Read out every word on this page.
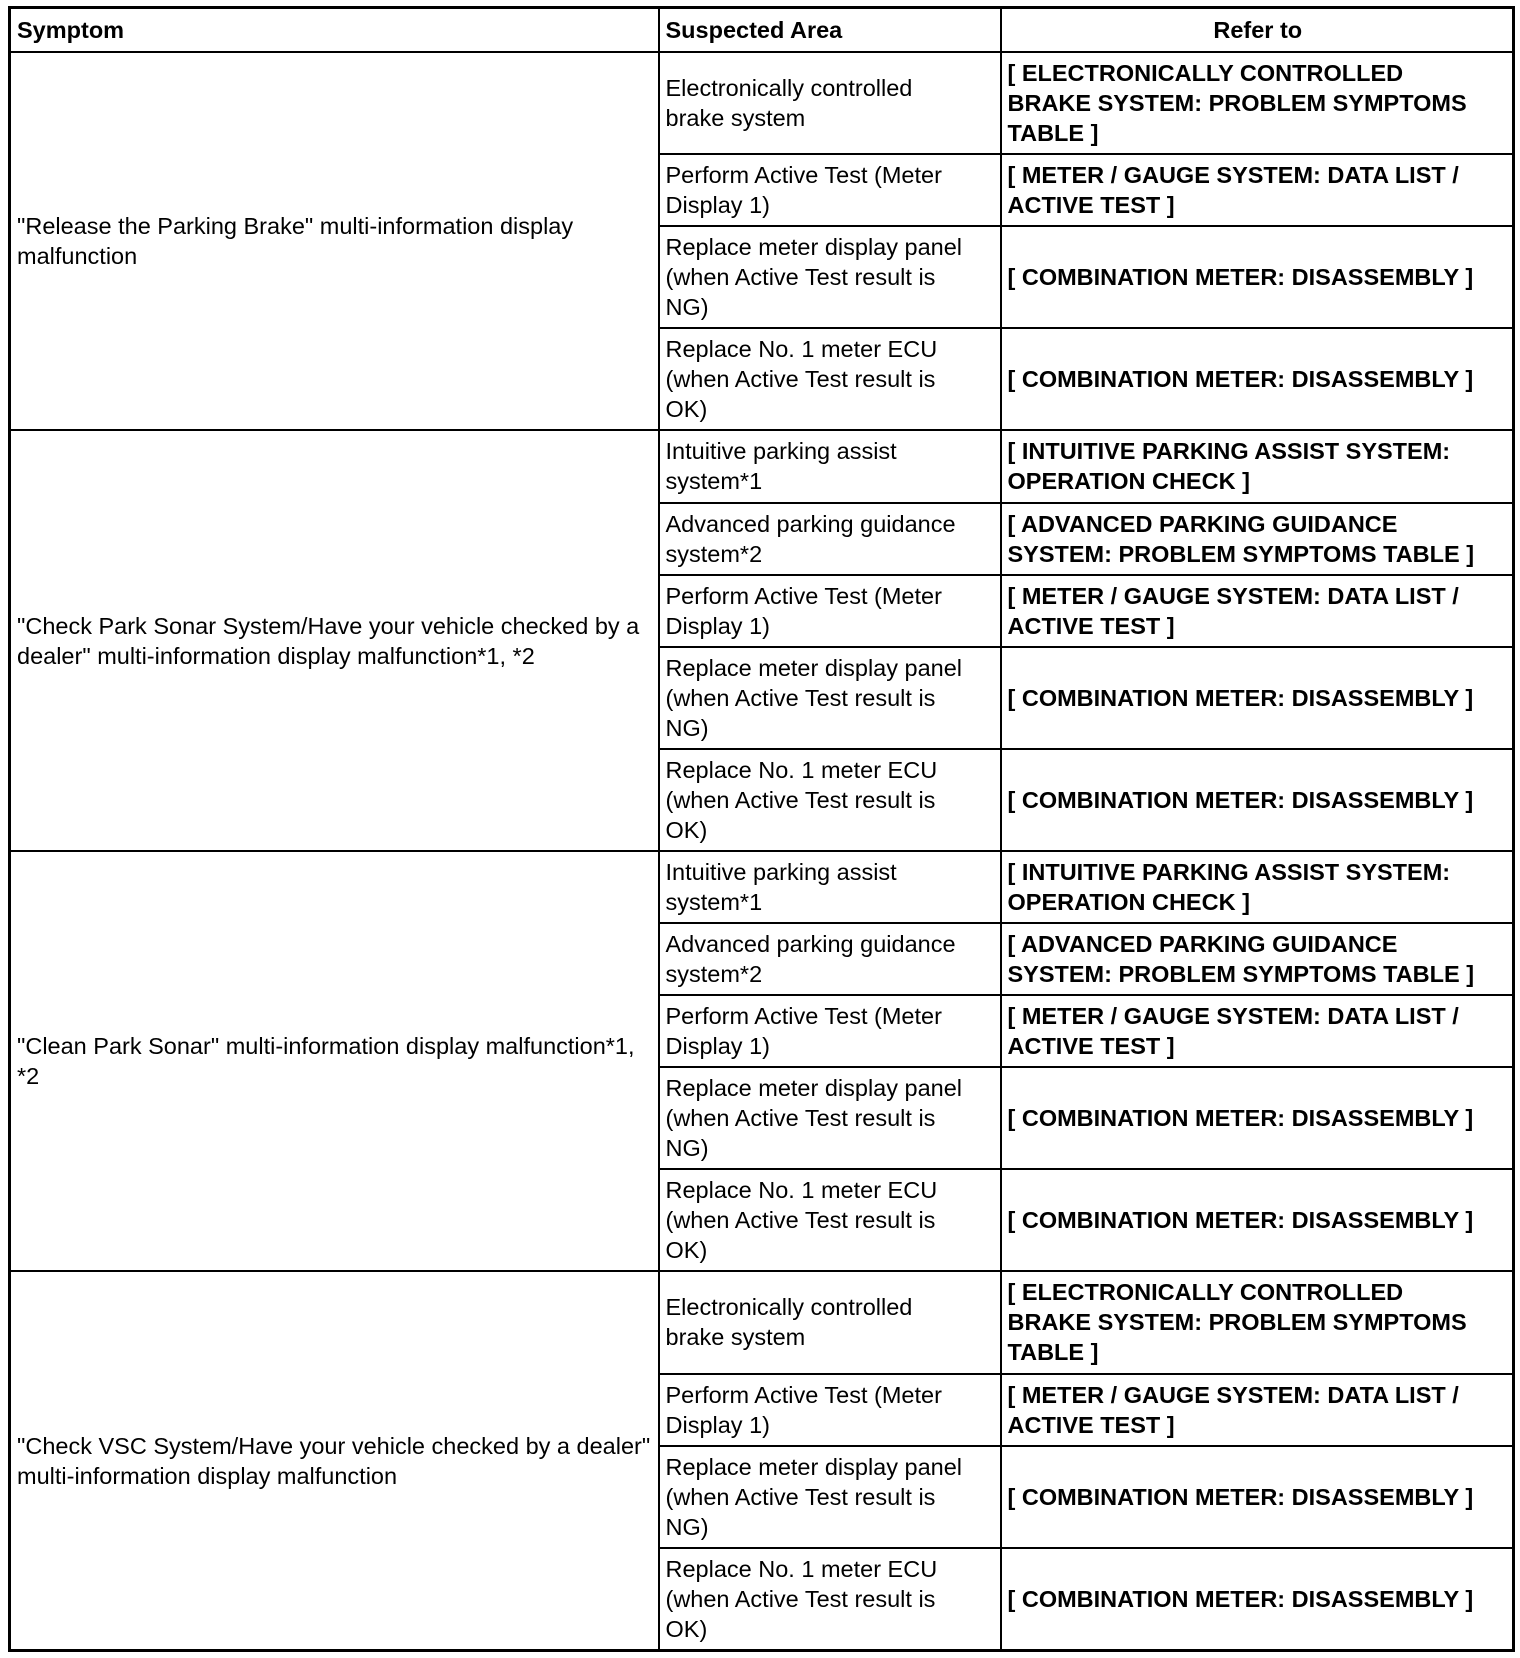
Symptom	Suspected Area	Refer to
"Release the Parking Brake" multi-information display malfunction	Electronically controlled
brake system	[ ELECTRONICALLY CONTROLLED
BRAKE SYSTEM: PROBLEM SYMPTOMS
TABLE ]
	Perform Active Test (Meter
Display 1)	[ METER / GAUGE SYSTEM: DATA LIST /
ACTIVE TEST ]
	Replace meter display panel
(when Active Test result is
NG)	[ COMBINATION METER: DISASSEMBLY ]
	Replace No. 1 meter ECU
(when Active Test result is
OK)	[ COMBINATION METER: DISASSEMBLY ]
"Check Park Sonar System/Have your vehicle checked by a dealer" multi-information display malfunction*1, *2	Intuitive parking assist
system*1	[ INTUITIVE PARKING ASSIST SYSTEM:
OPERATION CHECK ]
	Advanced parking guidance
system*2	[ ADVANCED PARKING GUIDANCE
SYSTEM: PROBLEM SYMPTOMS TABLE ]
	Perform Active Test (Meter
Display 1)	[ METER / GAUGE SYSTEM: DATA LIST /
ACTIVE TEST ]
	Replace meter display panel
(when Active Test result is
NG)	[ COMBINATION METER: DISASSEMBLY ]
	Replace No. 1 meter ECU
(when Active Test result is
OK)	[ COMBINATION METER: DISASSEMBLY ]
"Clean Park Sonar" multi-information display malfunction*1, *2	Intuitive parking assist
system*1	[ INTUITIVE PARKING ASSIST SYSTEM:
OPERATION CHECK ]
	Advanced parking guidance
system*2	[ ADVANCED PARKING GUIDANCE
SYSTEM: PROBLEM SYMPTOMS TABLE ]
	Perform Active Test (Meter
Display 1)	[ METER / GAUGE SYSTEM: DATA LIST /
ACTIVE TEST ]
	Replace meter display panel
(when Active Test result is
NG)	[ COMBINATION METER: DISASSEMBLY ]
	Replace No. 1 meter ECU
(when Active Test result is
OK)	[ COMBINATION METER: DISASSEMBLY ]
"Check VSC System/Have your vehicle checked by a dealer" multi-information display malfunction	Electronically controlled
brake system	[ ELECTRONICALLY CONTROLLED
BRAKE SYSTEM: PROBLEM SYMPTOMS
TABLE ]
	Perform Active Test (Meter
Display 1)	[ METER / GAUGE SYSTEM: DATA LIST /
ACTIVE TEST ]
	Replace meter display panel
(when Active Test result is
NG)	[ COMBINATION METER: DISASSEMBLY ]
	Replace No. 1 meter ECU
(when Active Test result is
OK)	[ COMBINATION METER: DISASSEMBLY ]
